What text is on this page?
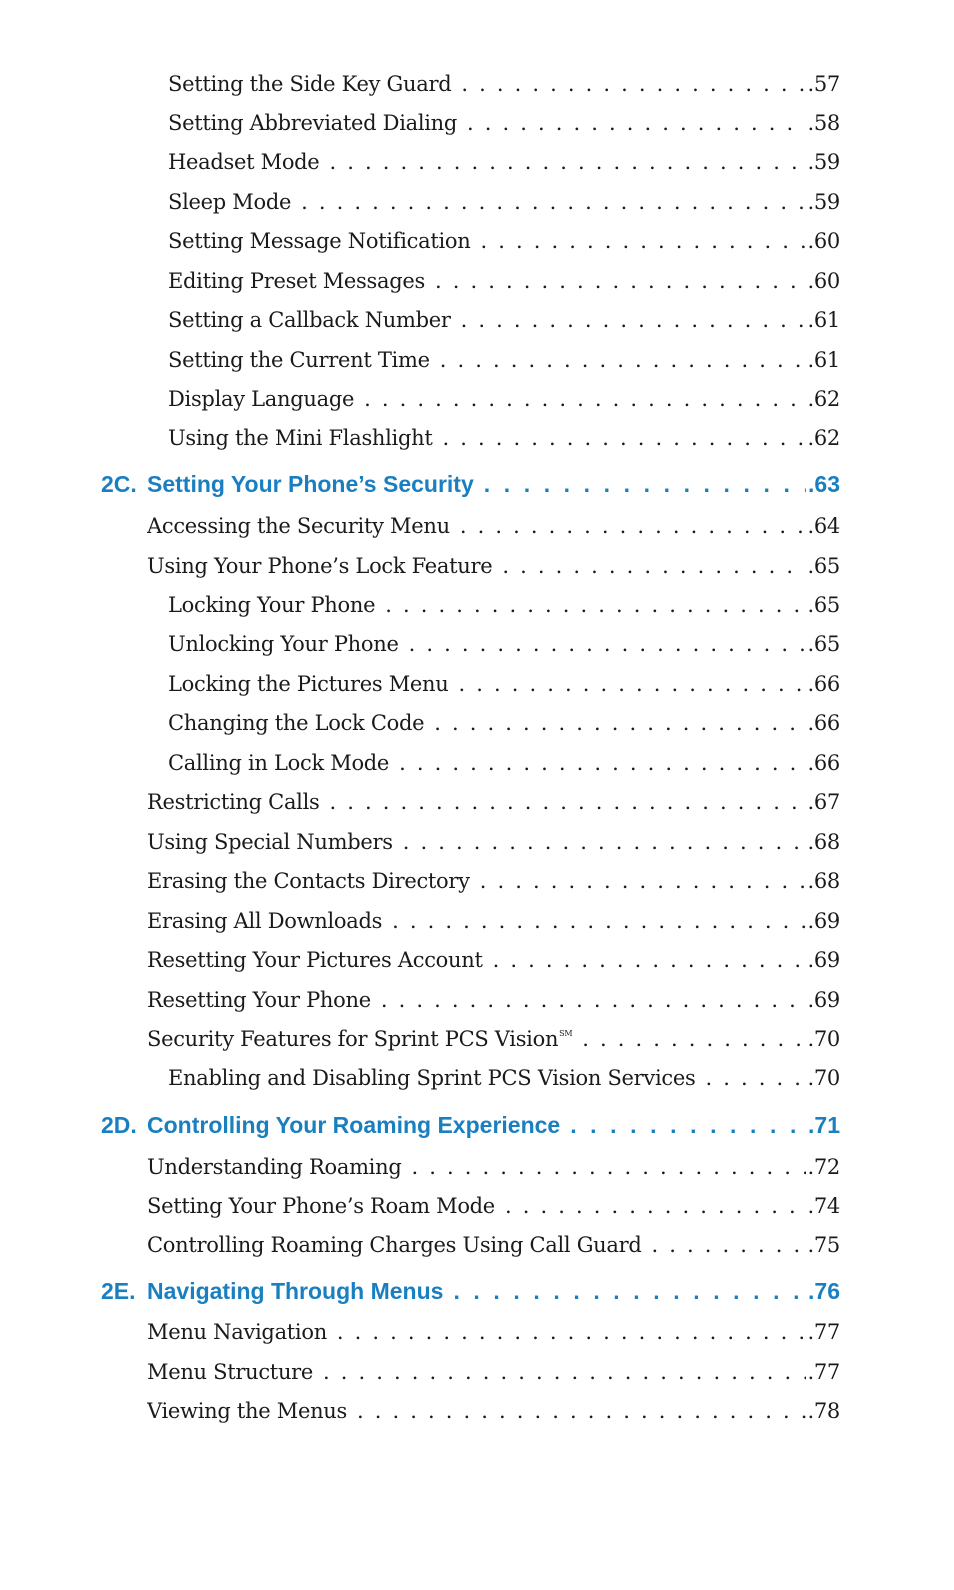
Setting the Side Key Guard . . .	.57
Setting Abbreviated Dialing . . .	.58
Headset Mode . . .	.59
Sleep Mode . . .	.59
Setting Message Notification . . .	.60
Editing Preset Messages . . .	.60
Setting a Callback Number . . .	.61
Setting the Current Time . . .	.61
Display Language . . .	.62
Using the Mini Flashlight . . .	.62
2C. Setting Your Phone’s Security . . .	.63
Accessing the Security Menu . . .	.64
Using Your Phone’s Lock Feature . . .	.65
Locking Your Phone . . .	.65
Unlocking Your Phone . . .	.65
Locking the Pictures Menu . . .	.66
Changing the Lock Code . . .	.66
Calling in Lock Mode . . .	.66
Restricting Calls . . .	.67
Using Special Numbers . . .	.68
Erasing the Contacts Directory . . .	.68
Erasing All Downloads . . .	.69
Resetting Your Pictures Account . . .	.69
Resetting Your Phone . . .	.69
Security Features for Sprint PCS Vision℠ . . .	.70
Enabling and Disabling Sprint PCS Vision Services . . .	.70
2D. Controlling Your Roaming Experience . . .	.71
Understanding Roaming . . .	.72
Setting Your Phone’s Roam Mode . . .	.74
Controlling Roaming Charges Using Call Guard . . .	.75
2E. Navigating Through Menus . . .	.76
Menu Navigation . . .	.77
Menu Structure . . .	.77
Viewing the Menus . . .	.78
